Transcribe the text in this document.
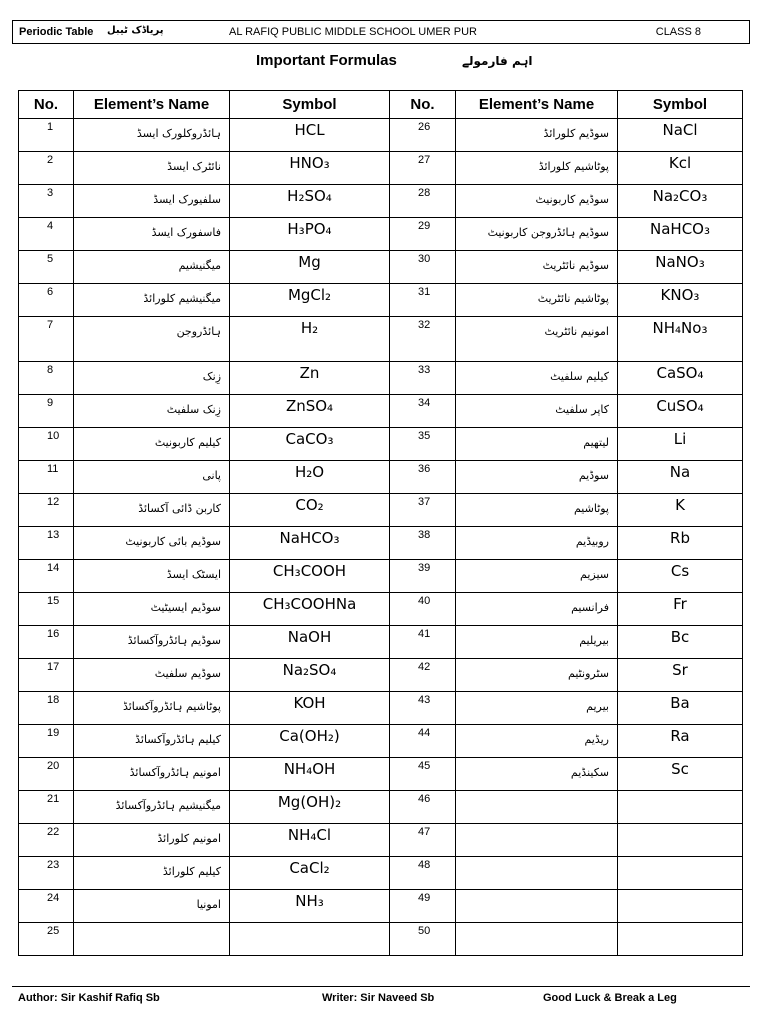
Periodic Table پریاڈک ٹیبل	AL RAFIQ PUBLIC MIDDLE SCHOOL UMER PUR	CLASS 8
Important Formulas	اہم فارمولے
No.	Element’s Name	Symbol	No.	Element’s Name	Symbol
1	ہائڈروکلورک ایسڈ	HCL	26	سوڈیم کلورائڈ	NaCl
2	نائٹرک ایسڈ	HNO₃	27	پوٹاشیم کلورائڈ	Kcl
3	سلفیورک ایسڈ	H₂SO₄	28	سوڈیم کاربونیٹ	Na₂CO₃
4	فاسفورک ایسڈ	H₃PO₄	29	سوڈیم ہائڈروجن کاربونیٹ	NaHCO₃
5	میگنیشیم	Mg	30	سوڈیم نائٹریٹ	NaNO₃
6	میگنیشیم کلورائڈ	MgCl₂	31	پوٹاشیم نائٹریٹ	KNO₃
7	ہائڈروجن	H₂	32	امونیم نائٹریٹ	NH₄No₃
8	زِنک	Zn	33	کیلیم سلفیٹ	CaSO₄
9	زِنک سلفیٹ	ZnSO₄	34	کاپر سلفیٹ	CuSO₄
10	کیلیم کاربونیٹ	CaCO₃	35	لیتھیم	Li
11	پانی	H₂O	36	سوڈیم	Na
12	کاربن ڈائی آکسائڈ	CO₂	37	پوٹاشیم	K
13	سوڈیم بائی کاربونیٹ	NaHCO₃	38	روبیڈیم	Rb
14	ایسٹک ایسڈ	CH₃COOH	39	سیزیم	Cs
15	سوڈیم ایسیٹیٹ	CH₃COOHNa	40	فرانسیم	Fr
16	سوڈیم ہائڈروآکسائڈ	NaOH	41	بیریلیم	Bc
17	سوڈیم سلفیٹ	Na₂SO₄	42	سٹرونٹیم	Sr
18	پوٹاشیم ہائڈروآکسائڈ	KOH	43	بیریم	Ba
19	کیلیم ہائڈروآکسائڈ	Ca(OH₂)	44	ریڈیم	Ra
20	امونیم ہائڈروآکسائڈ	NH₄OH	45	سکینڈیم	Sc
21	میگنیشیم ہائڈروآکسائڈ	Mg(OH)₂	46		
22	امونیم کلورائڈ	NH₄Cl	47		
23	کیلیم کلورائڈ	CaCl₂	48		
24	امونیا	NH₃	49		
25			50		
Author: Sir Kashif Rafiq Sb	Writer: Sir Naveed Sb	Good Luck & Break a Leg
